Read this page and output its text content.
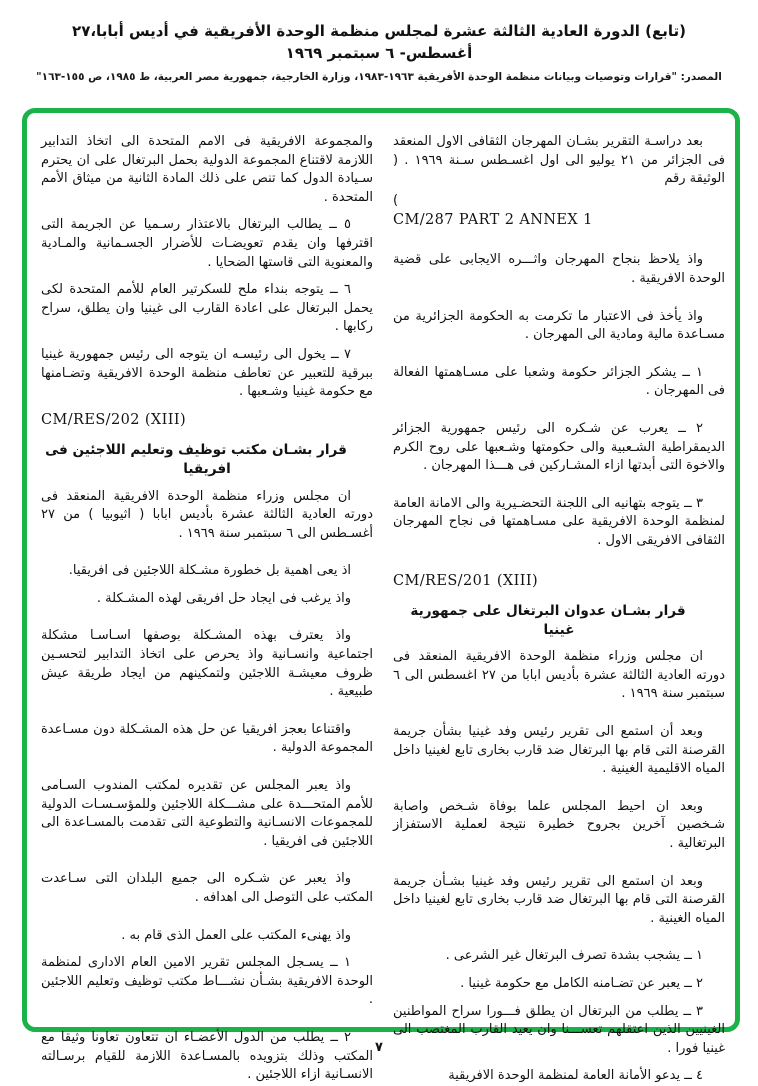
(تابع) الدورة العادية الثالثة عشرة لمجلس منظمة الوحدة الأفريقية في أديس أبابا،٢٧ أغسطس- ٦ سبتمبر ١٩٦٩
المصدر: "قرارات وتوصيات وبيانات منظمة الوحدة الأفريقية ١٩٦٣-١٩٨٣، وزارة الخارجية، جمهورية مصر العربية، ط ١٩٨٥، ص ١٥٥-١٦٣"

بعد دراسـة التقرير بشـان المهرجان الثقافى الاول المنعقد فى الجزائر من ٢١ يوليو الى اول اغسـطس سـنة ١٩٦٩ . ( الوثيقة رقم

(
CM/287 PART 2 ANNEX 1

واذ يلاحظ بنجاح المهرجان واثـــره الايجابى على قضية الوحدة الافريقية .

واذ يأخذ فى الاعتبار ما تكرمت به الحكومة الجزائرية من مسـاعدة مالية ومادية الى المهرجان .

١ ــ يشكر الجزائر حكومة وشعبا على مسـاهمتها الفعالة فى المهرجان .

٢ ــ يعرب عن شـكره الى رئيس جمهورية الجزائر الديمقراطية الشـعبية والى حكومتها وشـعبها على روح الكرم والاخوة التى أبدتها ازاء المشـاركين فى هـــذا المهرجان .

٣ ــ يتوجه بتهانيه الى اللجنة التحضـيرية والى الامانة العامة لمنظمة الوحدة الافريقية على مسـاهمتها فى نجاح المهرجان الثقافى الافريقى الاول .

CM/RES/201 (XIII)

قرار بشـان عدوان البرتغال على جمهورية غينيا

ان مجلس وزراء منظمة الوحدة الافريقية المنعقد فى دورته العادية الثالثة عشرة بأديس ابابا من ٢٧ اغسطس الى ٦ سبتمبر سنة ١٩٦٩ .

وبعد أن استمع الى تقرير رئيس وفد غينيا بشأن جريمة القرصنة التى قام بها البرتغال ضد قارب بخارى تابع لغينيا داخل المياه الاقليمية الغينية .

وبعد ان احيط المجلس علما بوفاة شـخص واصابة شـخصين آخرين بجروح خطيرة نتيجة لعملية الاستفزاز البرتغالية .

وبعد ان استمع الى تقرير رئيس وفد غينيا بشـأن جريمة القرصنة التى قام بها البرتغال ضد قارب بخارى تابع لغينيا داخل المياه الغينية .

١ ــ يشجب بشدة تصرف البرتغال غير الشرعى .

٢ ــ يعبر عن تضـامنه الكامل مع حكومة غينيا .

٣ ــ يطلب من البرتغال ان يطلق فـــورا سراح المواطنين الغينيين الذين اعتقلهم تعســـنا وان يعيد القارب المغتصب الى غينيا فورا .

٤ ــ يدعو الأمانة العامة لمنظمة الوحدة الافريقية

والمجموعة الافريقية فى الامم المتحدة الى اتخاذ التدابير اللازمة لاقتناع المجموعة الدولية بحمل البرتغال على ان يحترم سـيادة الدول كما تنص على ذلك المادة الثانية من ميثاق الأمم المتحدة .

٥ ــ يطالب البرتغال بالاعتذار رسـميا عن الجريمة التى اقترفها وان يقدم تعويضـات للأضرار الجسـمانية والمـادية والمعنوية التى قاستها الضحايا .

٦ ــ يتوجه بنداء ملح للسكرتير العام للأمم المتحدة لكى يحمل البرتغال على اعادة القارب الى غينيا وان يطلق، سراح ركابها .

٧ ــ يخول الى رئيسـه ان يتوجه الى رئيس جمهورية غينيا ببرقية للتعبير عن تعاطف منظمة الوحدة الافريقية وتضـامنها مع حكومة غينيا وشـعبها .

CM/RES/202 (XIII)

قرار بشـان مكتب توظيف وتعليم اللاجئين فى افريقيا

ان مجلس وزراء منظمة الوحدة الافريقية المنعقد فى دورته العادية الثالثة عشرة بأديس ابابا ( اثيوبيا ) من ٢٧ أغسـطس الى ٦ سبتمبر سنة ١٩٦٩ .

اذ يعى اهمية بل خطورة مشـكلة اللاجئين فى افريقيا.

واذ يرغب فى ايجاد حل افريقى لهذه المشـكلة .

واذ يعترف بهذه المشـكلة بوصفها اسـاسـا مشكلة اجتماعية وانسـانية واذ يحرص على اتخاذ التدابير لتحسـين ظروف معيشـة اللاجئين ولتمكينهم من ايجاد طريقة عيش طبيعية .

واقتناعا بعجز افريقيا عن حل هذه المشـكلة دون مسـاعدة المجموعة الدولية .

واذ يعبر المجلس عن تقديره لمكتب المندوب السـامى للأمم المتحـــدة على مشـــكلة اللاجئين وللمؤسـسـات الدولية للمجموعات الانسـانية والتطوعية التى تقدمت بالمسـاعدة الى اللاجئين فى افريقيا .

واذ يعبر عن شـكره الى جميع البلدان التى سـاعدت المكتب على التوصل الى اهدافه .

واذ يهنىء المكتب على العمل الذى قام به .

١ ــ يسـجل المجلس تقرير الامين العام الادارى لمنظمة الوحدة الافريقية بشـأن نشـــاط مكتب توظيف وتعليم اللاجئين .

٢ ــ يطلب من الدول الأعضـاء ان تتعاون تعاونا وثيقا مع المكتب وذلك بتزويده بالمسـاعدة اللازمة للقيام برسـالته الانسـانية ازاء اللاجئين .

٧
